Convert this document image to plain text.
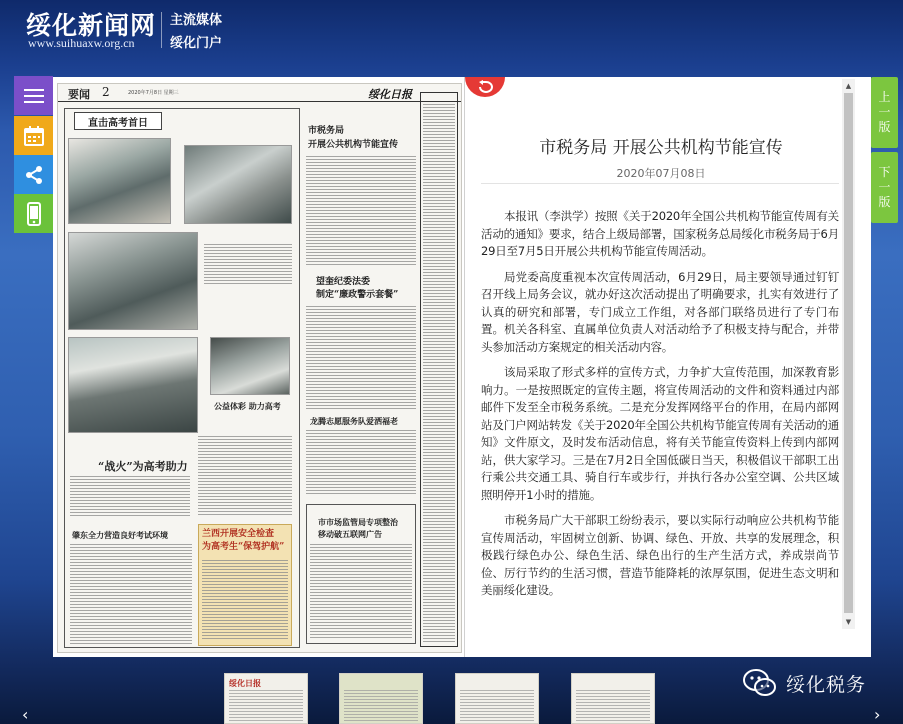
绥化新闻网
www.suihuaxw.org.cn
主流媒体
绥化门户
上
一
版
下
一
版
要闻 2	2020年7月8日 星期三	绥化日报
直击高考首日
公益体彩 助力高考
“战火”为高考助力
肇东全力营造良好考试环境	兰西开展安全检查
为高考生“保驾护航”
市税务局
开展公共机构节能宣传
望奎纪委法委
制定“廉政警示套餐”
龙腾志愿服务队爱洒福老
市市场监管局专项整治
移动破五联网广告
市税务局 开展公共机构节能宣传
2020年07月08日

本报讯（李洪学）按照《关于2020年全国公共机构节能宣传周有关活动的通知》要求，结合上级局部署，国家税务总局绥化市税务局于6月29日至7月5日开展公共机构节能宣传周活动。

局党委高度重视本次宣传周活动，6月29日，局主要领导通过钉钉召开线上局务会议，就办好这次活动提出了明确要求，扎实有效进行了认真的研究和部署，专门成立工作组，对各部门联络员进行了专门布置。机关各科室、直属单位负责人对活动给予了积极支持与配合，并带头参加活动方案规定的相关活动内容。

该局采取了形式多样的宣传方式，力争扩大宣传范围，加深教育影响力。一是按照既定的宣传主题，将宣传周活动的文件和资料通过内部邮件下发至全市税务系统。二是充分发挥网络平台的作用，在局内部网站及门户网站转发《关于2020年全国公共机构节能宣传周有关活动的通知》文件原文，及时发布活动信息，将有关节能宣传资料上传到内部网站，供大家学习。三是在7月2日全国低碳日当天，积极倡议干部职工出行乘公共交通工具、骑自行车或步行，并执行各办公室空调、公共区域照明停开1小时的措施。

市税务局广大干部职工纷纷表示，要以实际行动响应公共机构节能宣传周活动，牢固树立创新、协调、绿色、开放、共享的发展理念，积极践行绿色办公、绿色生活、绿色出行的生产生活方式，养成崇尚节俭、厉行节约的生活习惯，营造节能降耗的浓厚氛围，促进生态文明和美丽绥化建设。

▲
▼
绥化日报
‹	›
绥化税务
